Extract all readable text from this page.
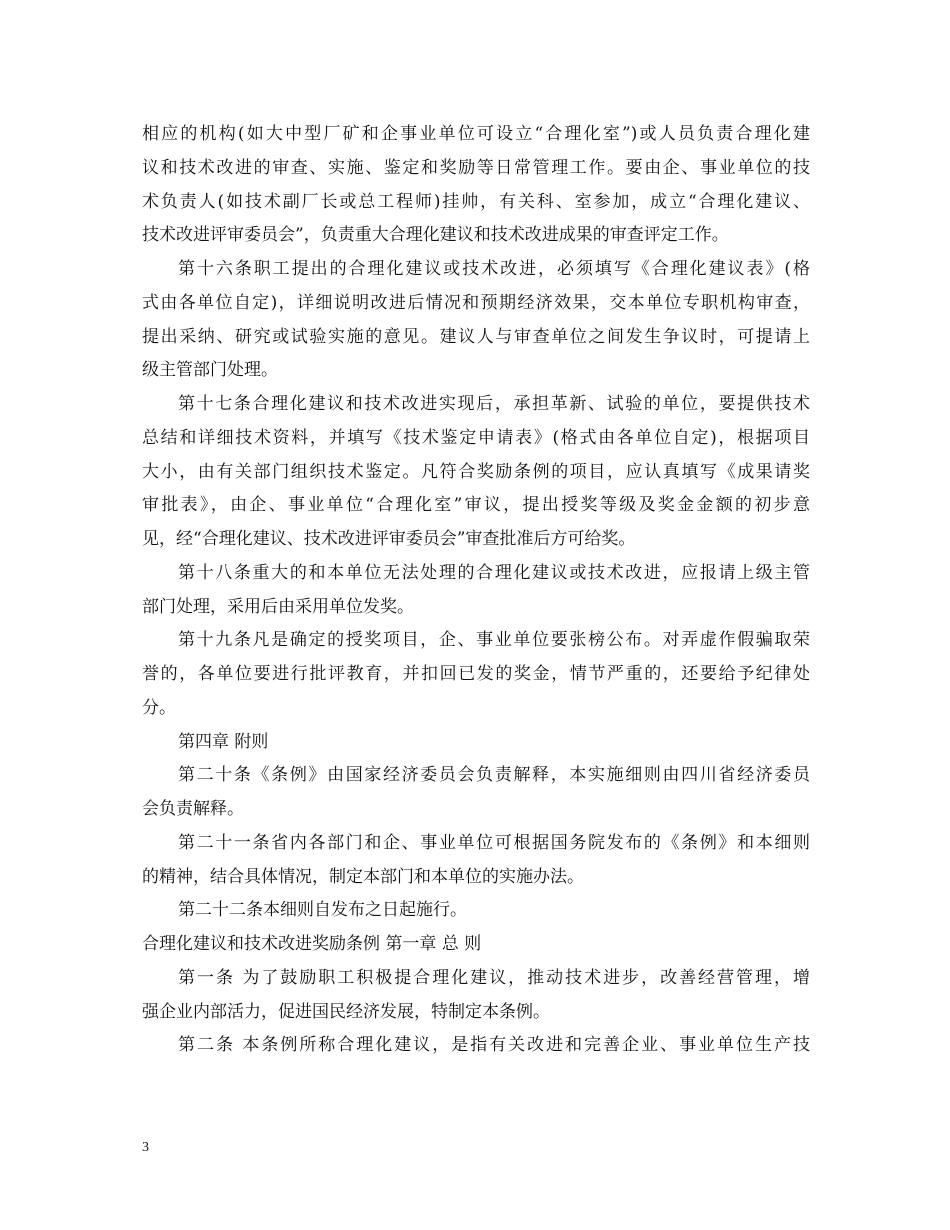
相应的机构(如大中型厂矿和企事业单位可设立“合理化室”)或人员负责合理化建
议和技术改进的审查、实施、鉴定和奖励等日常管理工作。要由企、事业单位的技
术负责人(如技术副厂长或总工程师)挂帅，有关科、室参加，成立“合理化建议、
技术改进评审委员会”，负责重大合理化建议和技术改进成果的审查评定工作。
第十六条职工提出的合理化建议或技术改进，必须填写《合理化建议表》(格
式由各单位自定)，详细说明改进后情况和预期经济效果，交本单位专职机构审查，
提出采纳、研究或试验实施的意见。建议人与审查单位之间发生争议时，可提请上
级主管部门处理。
第十七条合理化建议和技术改进实现后，承担革新、试验的单位，要提供技术
总结和详细技术资料，并填写《技术鉴定申请表》(格式由各单位自定)，根据项目
大小，由有关部门组织技术鉴定。凡符合奖励条例的项目，应认真填写《成果请奖
审批表》，由企、事业单位“合理化室”审议，提出授奖等级及奖金金额的初步意
见，经“合理化建议、技术改进评审委员会”审查批准后方可给奖。
第十八条重大的和本单位无法处理的合理化建议或技术改进，应报请上级主管
部门处理，采用后由采用单位发奖。
第十九条凡是确定的授奖项目，企、事业单位要张榜公布。对弄虚作假骗取荣
誉的，各单位要进行批评教育，并扣回已发的奖金，情节严重的，还要给予纪律处
分。
第四章 附则
第二十条《条例》由国家经济委员会负责解释，本实施细则由四川省经济委员
会负责解释。
第二十一条省内各部门和企、事业单位可根据国务院发布的《条例》和本细则
的精神，结合具体情况，制定本部门和本单位的实施办法。
第二十二条本细则自发布之日起施行。
合理化建议和技术改进奖励条例 第一章 总 则
第一条 为了鼓励职工积极提合理化建议，推动技术进步，改善经营管理，增
强企业内部活力，促进国民经济发展，特制定本条例。
第二条 本条例所称合理化建议，是指有关改进和完善企业、事业单位生产技
3
